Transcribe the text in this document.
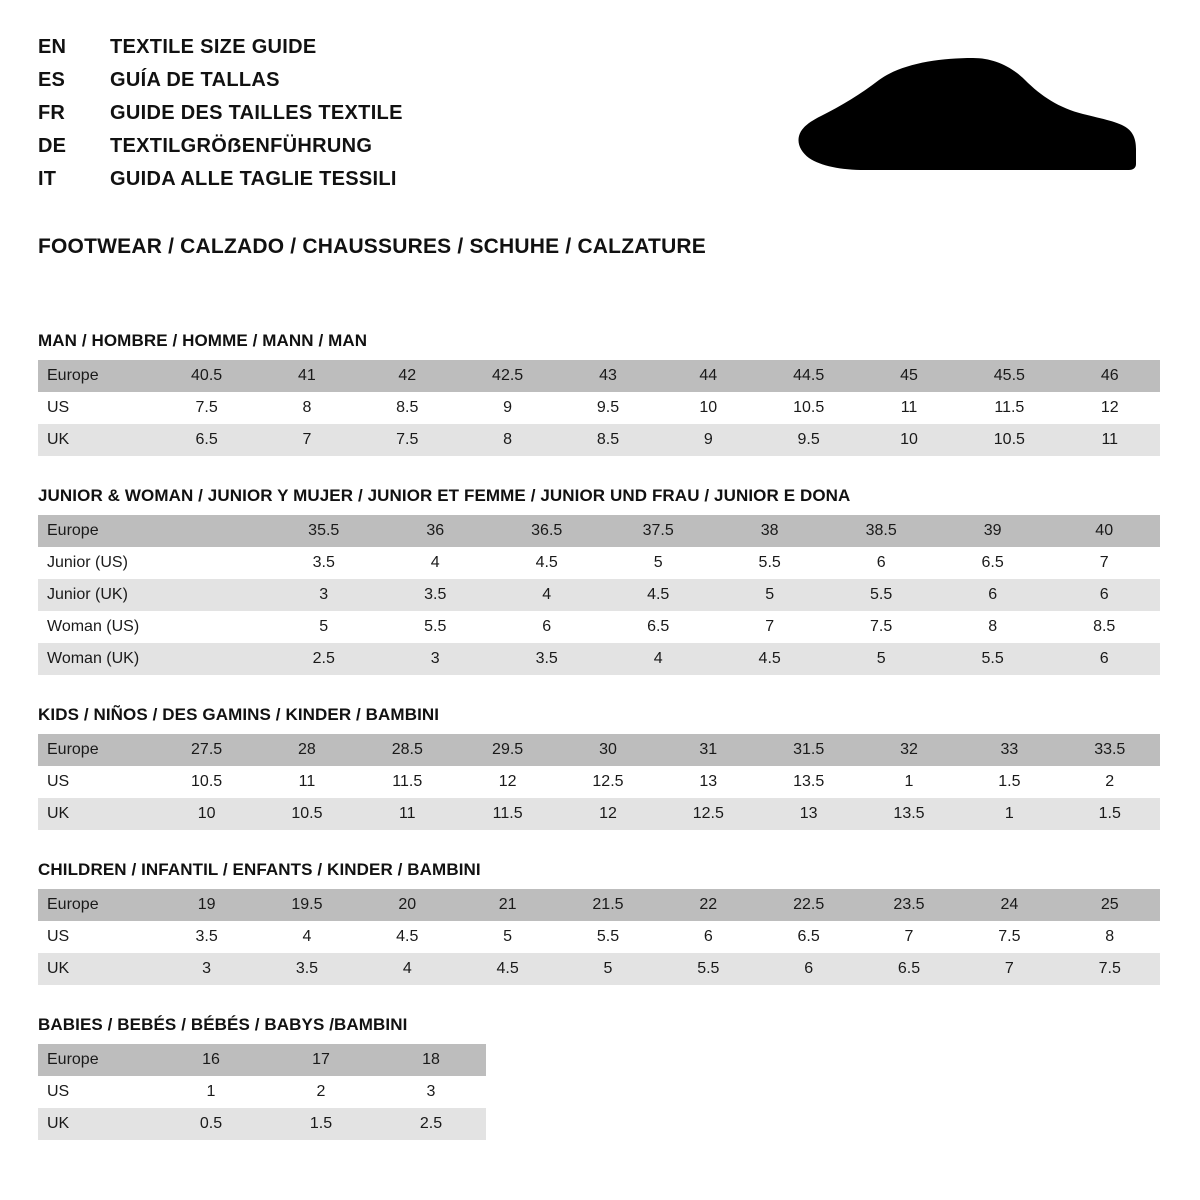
EN	TEXTILE SIZE GUIDE
ES	GUÍA DE TALLAS
FR	GUIDE DES TAILLES TEXTILE
DE	TEXTILGRÖẞENFÜHRUNG
IT	GUIDA ALLE TAGLIE TESSILI
FOOTWEAR / CALZADO / CHAUSSURES / SCHUHE / CALZATURE
MAN / HOMBRE / HOMME / MANN / MAN
Europe	40.5	41	42	42.5	43	44	44.5	45	45.5	46
US	7.5	8	8.5	9	9.5	10	10.5	11	11.5	12
UK	6.5	7	7.5	8	8.5	9	9.5	10	10.5	11
JUNIOR & WOMAN / JUNIOR Y MUJER / JUNIOR ET FEMME / JUNIOR UND FRAU / JUNIOR E DONA
Europe		35.5	36	36.5	37.5	38	38.5	39	40
Junior (US)		3.5	4	4.5	5	5.5	6	6.5	7
Junior (UK)		3	3.5	4	4.5	5	5.5	6	6
Woman (US)		5	5.5	6	6.5	7	7.5	8	8.5
Woman (UK)		2.5	3	3.5	4	4.5	5	5.5	6
KIDS / NIÑOS / DES GAMINS / KINDER / BAMBINI
Europe	27.5	28	28.5	29.5	30	31	31.5	32	33	33.5
US	10.5	11	11.5	12	12.5	13	13.5	1	1.5	2
UK	10	10.5	11	11.5	12	12.5	13	13.5	1	1.5
CHILDREN / INFANTIL / ENFANTS / KINDER / BAMBINI
Europe	19	19.5	20	21	21.5	22	22.5	23.5	24	25
US	3.5	4	4.5	5	5.5	6	6.5	7	7.5	8
UK	3	3.5	4	4.5	5	5.5	6	6.5	7	7.5
BABIES / BEBÉS / BÉBÉS / BABYS /BAMBINI
Europe	16	17	18
US	1	2	3
UK	0.5	1.5	2.5
